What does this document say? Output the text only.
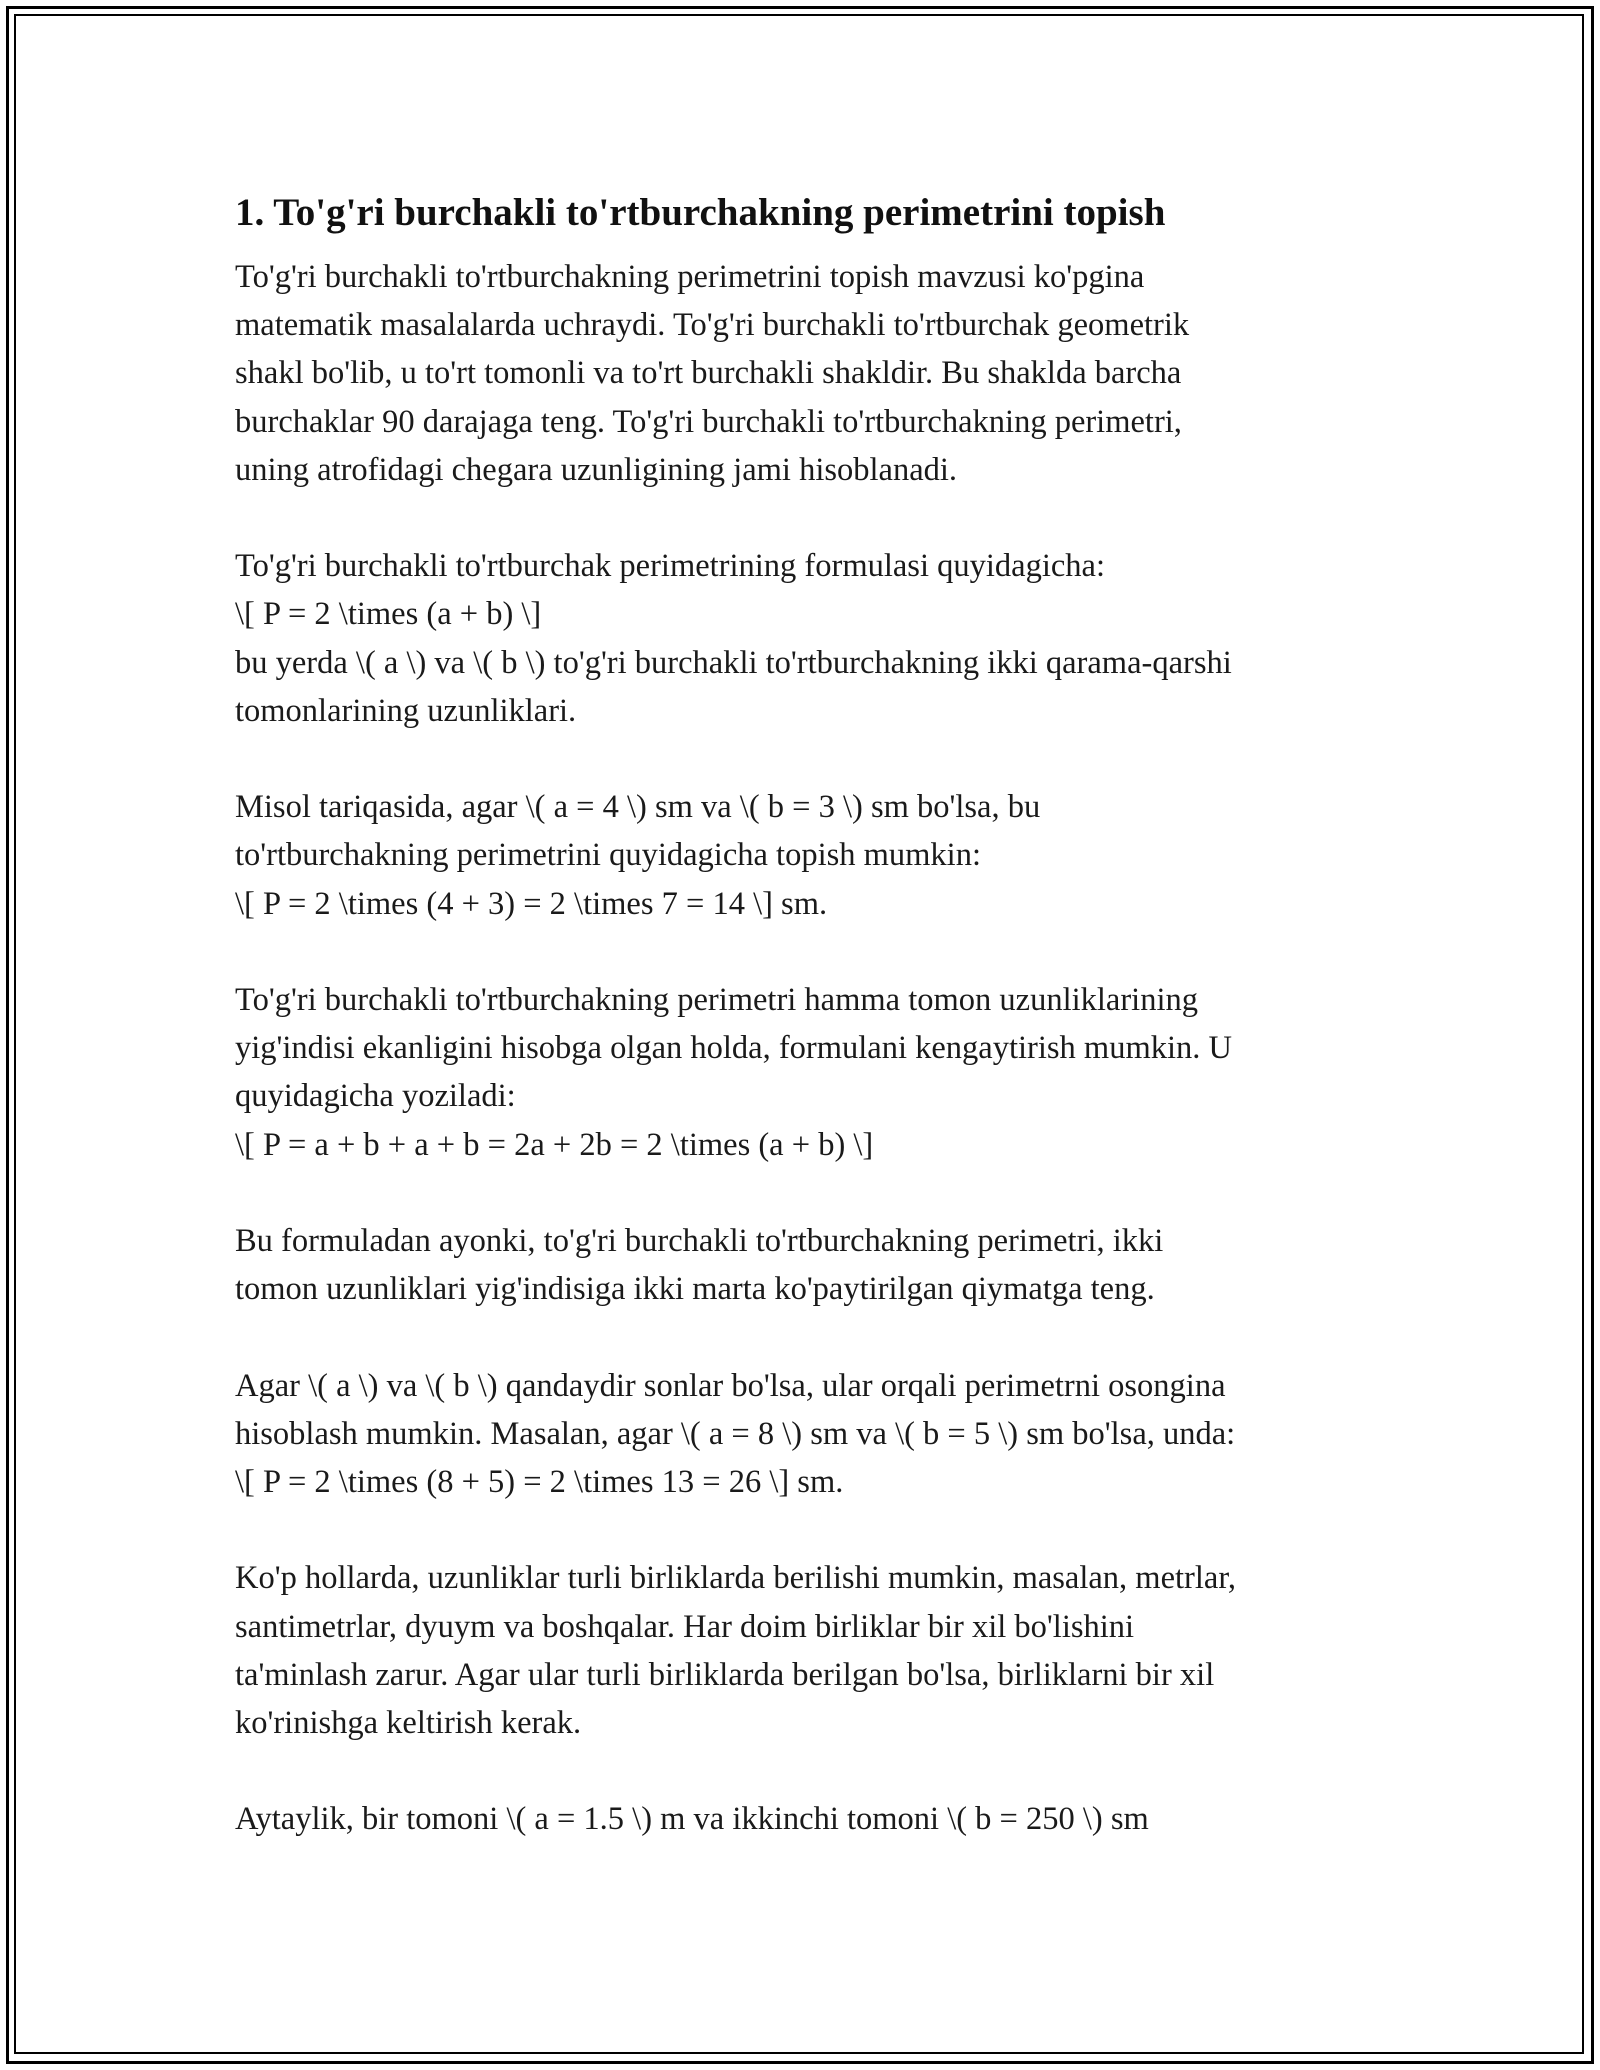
1. To'g'ri burchakli to'rtburchakning perimetrini topish
To'g'ri burchakli to'rtburchakning perimetrini topish mavzusi ko'pgina
matematik masalalarda uchraydi. To'g'ri burchakli to'rtburchak geometrik
shakl bo'lib, u to'rt tomonli va to'rt burchakli shakldir. Bu shaklda barcha
burchaklar 90 darajaga teng. To'g'ri burchakli to'rtburchakning perimetri,
uning atrofidagi chegara uzunligining jami hisoblanadi.
To'g'ri burchakli to'rtburchak perimetrining formulasi quyidagicha:
\[ P = 2 \times (a + b) \]
bu yerda \( a \) va \( b \) to'g'ri burchakli to'rtburchakning ikki qarama-qarshi
tomonlarining uzunliklari.
Misol tariqasida, agar \( a = 4 \) sm va \( b = 3 \) sm bo'lsa, bu
to'rtburchakning perimetrini quyidagicha topish mumkin:
\[ P = 2 \times (4 + 3) = 2 \times 7 = 14 \] sm.
To'g'ri burchakli to'rtburchakning perimetri hamma tomon uzunliklarining
yig'indisi ekanligini hisobga olgan holda, formulani kengaytirish mumkin. U
quyidagicha yoziladi:
\[ P = a + b + a + b = 2a + 2b = 2 \times (a + b) \]
Bu formuladan ayonki, to'g'ri burchakli to'rtburchakning perimetri, ikki
tomon uzunliklari yig'indisiga ikki marta ko'paytirilgan qiymatga teng.
Agar \( a \) va \( b \) qandaydir sonlar bo'lsa, ular orqali perimetrni osongina
hisoblash mumkin. Masalan, agar \( a = 8 \) sm va \( b = 5 \) sm bo'lsa, unda:
\[ P = 2 \times (8 + 5) = 2 \times 13 = 26 \] sm.
Ko'p hollarda, uzunliklar turli birliklarda berilishi mumkin, masalan, metrlar,
santimetrlar, dyuym va boshqalar. Har doim birliklar bir xil bo'lishini
ta'minlash zarur. Agar ular turli birliklarda berilgan bo'lsa, birliklarni bir xil
ko'rinishga keltirish kerak.
Aytaylik, bir tomoni \( a = 1.5 \) m va ikkinchi tomoni \( b = 250 \) sm
